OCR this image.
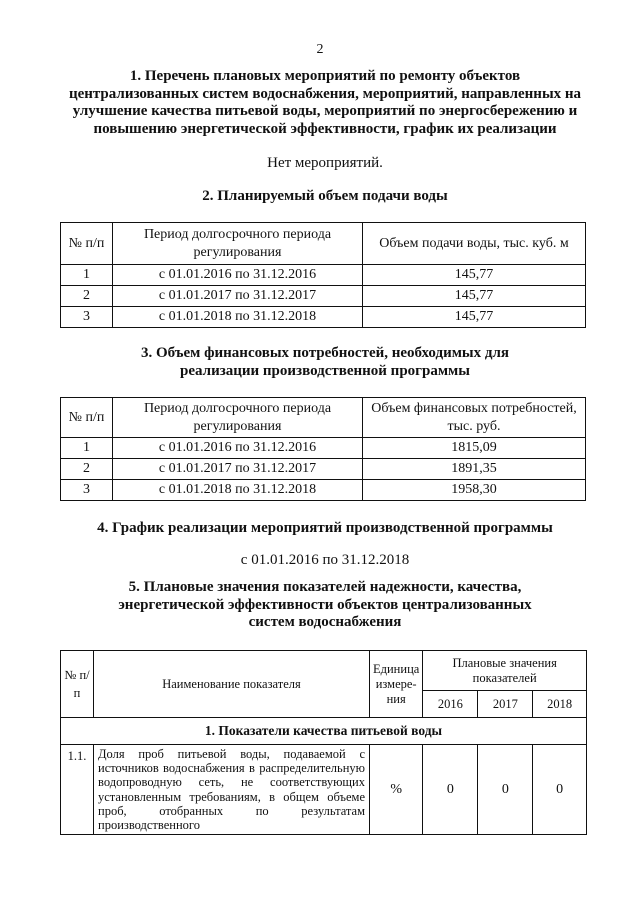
2
1. Перечень плановых мероприятий по ремонту объектов
централизованных систем водоснабжения, мероприятий, направленных на
улучшение качества питьевой воды, мероприятий по энергосбережению и
повышению энергетической эффективности, график их реализации
Нет мероприятий.
2. Планируемый объем подачи воды
№ п/п	Период долгосрочного периода регулирования	Объем подачи воды, тыс. куб. м
1	с 01.01.2016 по 31.12.2016	145,77
2	с 01.01.2017 по 31.12.2017	145,77
3	с 01.01.2018 по 31.12.2018	145,77
3. Объем финансовых потребностей, необходимых для
реализации производственной программы
№ п/п	Период долгосрочного периода регулирования	Объем финансовых потребностей, тыс. руб.
1	с 01.01.2016 по 31.12.2016	1815,09
2	с 01.01.2017 по 31.12.2017	1891,35
3	с 01.01.2018 по 31.12.2018	1958,30
4. График реализации мероприятий производственной программы
с 01.01.2016 по 31.12.2018
5. Плановые значения показателей надежности, качества,
энергетической эффективности объектов централизованных
систем водоснабжения
№ п/п	Наименование показателя	Единица измере-ния	Плановые значения показателей		
			2016	2017	2018
1. Показатели качества питьевой воды					
1.1.	Доля проб питьевой воды, подаваемой с источников водоснабжения в распределительную водопроводную сеть, не соответствующих установленным требованиям, в общем объеме проб, отобранных по результатам производственного	%	0	0	0
